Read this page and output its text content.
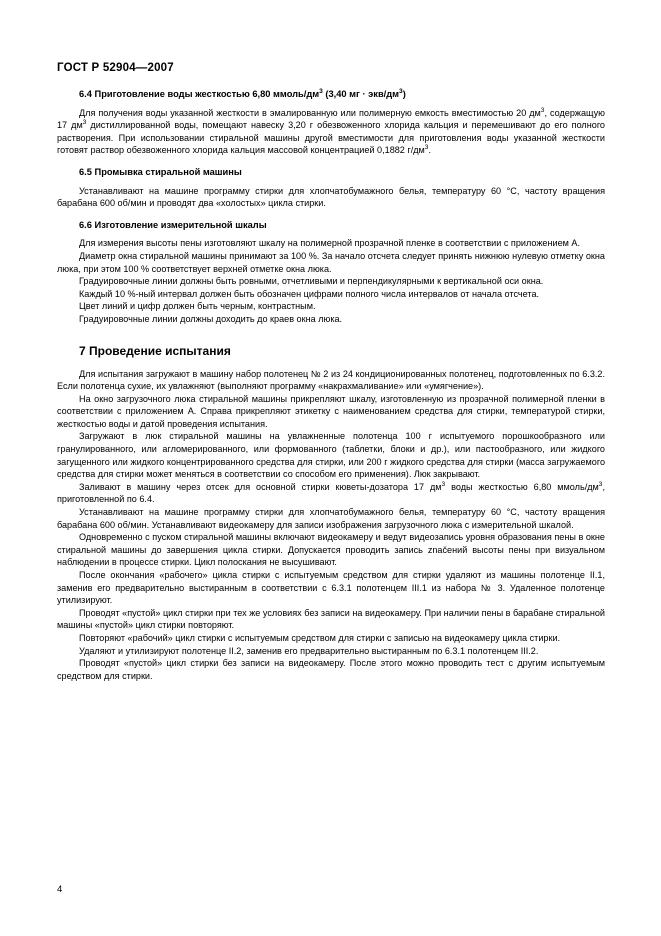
ГОСТ Р 52904—2007

6.4 Приготовление воды жесткостью 6,80 ммоль/$дм^3$ (3,40 мг · экв/$дм^3$)

Для получения воды указанной жесткости в эмалированную или полимерную емкость вместимостью 20 $дм^3$, содержащую 17 $дм^3$ дистиллированной воды, помещают навеску 3,20 г обезвоженного хлорида кальция и перемешивают до его полного растворения. При использовании стиральной машины другой вместимости для приготовления воды указанной жесткости готовят раствор обезвоженного хлорида кальция массовой концентрацией 0,1882 $г/дм^3$.

6.5 Промывка стиральной машины

Устанавливают на машине программу стирки для хлопчатобумажного белья, температуру 60 °C, частоту вращения барабана 600 об/мин и проводят два «холостых» цикла стирки.

6.6 Изготовление измерительной шкалы

Для измерения высоты пены изготовляют шкалу на полимерной прозрачной пленке в соответствии с приложением А.

Диаметр окна стиральной машины принимают за 100 %. За начало отсчета следует принять нижнюю нулевую отметку окна люка, при этом 100 % соответствует верхней отметке окна люка.

Градуировочные линии должны быть ровными, отчетливыми и перпендикулярными к вертикальной оси окна.

Каждый 10 %-ный интервал должен быть обозначен цифрами полного числа интервалов от начала отсчета.

Цвет линий и цифр должен быть черным, контрастным.

Градуировочные линии должны доходить до краев окна люка.

7 Проведение испытания

Для испытания загружают в машину набор полотенец № 2 из 24 кондиционированных полотенец, подготовленных по 6.3.2. Если полотенца сухие, их увлажняют (выполняют программу «накрахмаливание» или «умягчение»).

На окно загрузочного люка стиральной машины прикрепляют шкалу, изготовленную из прозрачной полимерной пленки в соответствии с приложением А. Справа прикрепляют этикетку с наименованием средства для стирки, температурой стирки, жесткостью воды и датой проведения испытания.

Загружают в люк стиральной машины на увлажненные полотенца 100 г испытуемого порошкообразного или гранулированного, или агломерированного, или формованного (таблетки, блоки и др.), или пастообразного, или жидкого загущенного или жидкого концентрированного средства для стирки, или 200 г жидкого средства для стирки (масса загружаемого средства для стирки может меняться в соответствии со способом его применения). Люк закрывают.

Заливают в машину через отсек для основной стирки кюветы-дозатора 17 $дм^3$ воды жесткостью 6,80 ммоль/$дм^3$, приготовленной по 6.4.

Устанавливают на машине программу стирки для хлопчатобумажного белья, температуру 60 °C, частоту вращения барабана 600 об/мин. Устанавливают видеокамеру для записи изображения загрузочного люка с измерительной шкалой.

Одновременно с пуском стиральной машины включают видеокамеру и ведут видеозапись уровня образования пены в окне стиральной машины до завершения цикла стирки. Допускается проводить запись značений высоты пены при визуальном наблюдении в процессе стирки. Цикл полоскания не высушивают.

После окончания «рабочего» цикла стирки с испытуемым средством для стирки удаляют из машины полотенце II.1, заменив его предварительно выстиранным в соответствии с 6.3.1 полотенцем III.1 из набора № 3. Удаленное полотенце утилизируют.

Проводят «пустой» цикл стирки при тех же условиях без записи на видеокамеру. При наличии пены в барабане стиральной машины «пустой» цикл стирки повторяют.

Повторяют «рабочий» цикл стирки с испытуемым средством для стирки с записью на видеокамеру цикла стирки.

Удаляют и утилизируют полотенце II.2, заменив его предварительно выстиранным по 6.3.1 полотенцем III.2.

Проводят «пустой» цикл стирки без записи на видеокамеру. После этого можно проводить тест с другим испытуемым средством для стирки.

4
